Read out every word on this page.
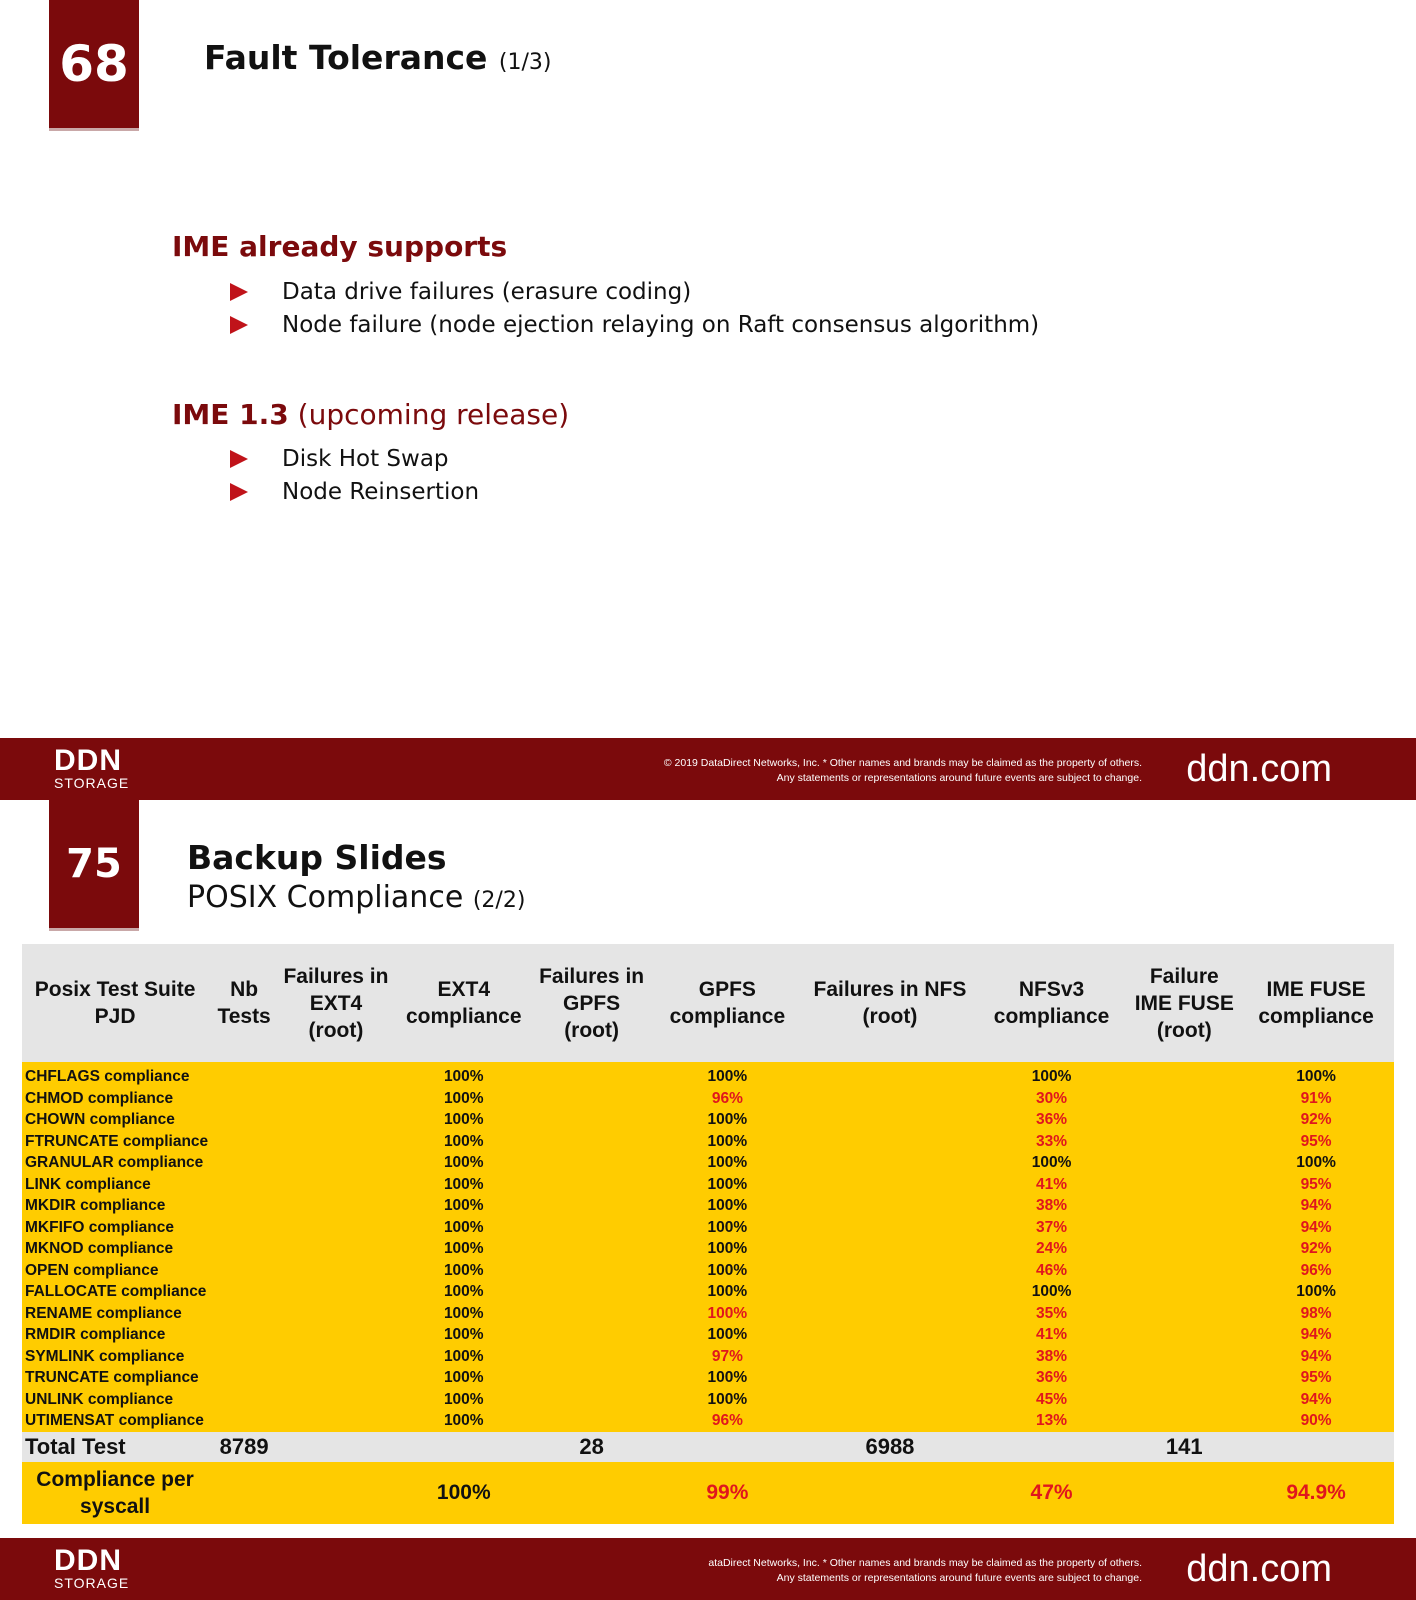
68	Fault Tolerance (1/3)
IME already supports
Data drive failures (erasure coding)
Node failure (node ejection relaying on Raft consensus algorithm)
IME 1.3 (upcoming release)
Disk Hot Swap
Node Reinsertion
DDN
STORAGE
© 2019 DataDirect Networks, Inc. * Other names and brands may be claimed as the property of others.
Any statements or representations around future events are subject to change. ddn.com
75	Backup Slides
POSIX Compliance (2/2)
Posix Test Suite PJD	Nb Tests	Failures in EXT4 (root)	EXT4 compliance	Failures in GPFS (root)	GPFS compliance	Failures in NFS (root)	NFSv3 compliance	Failure IME FUSE (root)	IME FUSE compliance
CHFLAGS compliance			100%		100%		100%		100%
CHMOD compliance			100%		96%		30%		91%
CHOWN compliance			100%		100%		36%		92%
FTRUNCATE compliance			100%		100%		33%		95%
GRANULAR compliance			100%		100%		100%		100%
LINK compliance			100%		100%		41%		95%
MKDIR compliance			100%		100%		38%		94%
MKFIFO compliance			100%		100%		37%		94%
MKNOD compliance			100%		100%		24%		92%
OPEN compliance			100%		100%		46%		96%
FALLOCATE compliance			100%		100%		100%		100%
RENAME compliance			100%		100%		35%		98%
RMDIR compliance			100%		100%		41%		94%
SYMLINK compliance			100%		97%		38%		94%
TRUNCATE compliance			100%		100%		36%		95%
UNLINK compliance			100%		100%		45%		94%
UTIMENSAT compliance			100%		96%		13%		90%
Total Test	8789			28		6988		141	
Compliance per syscall			100%		99%		47%		94.9%
DDN
STORAGE
ataDirect Networks, Inc. * Other names and brands may be claimed as the property of others.
Any statements or representations around future events are subject to change. ddn.com
